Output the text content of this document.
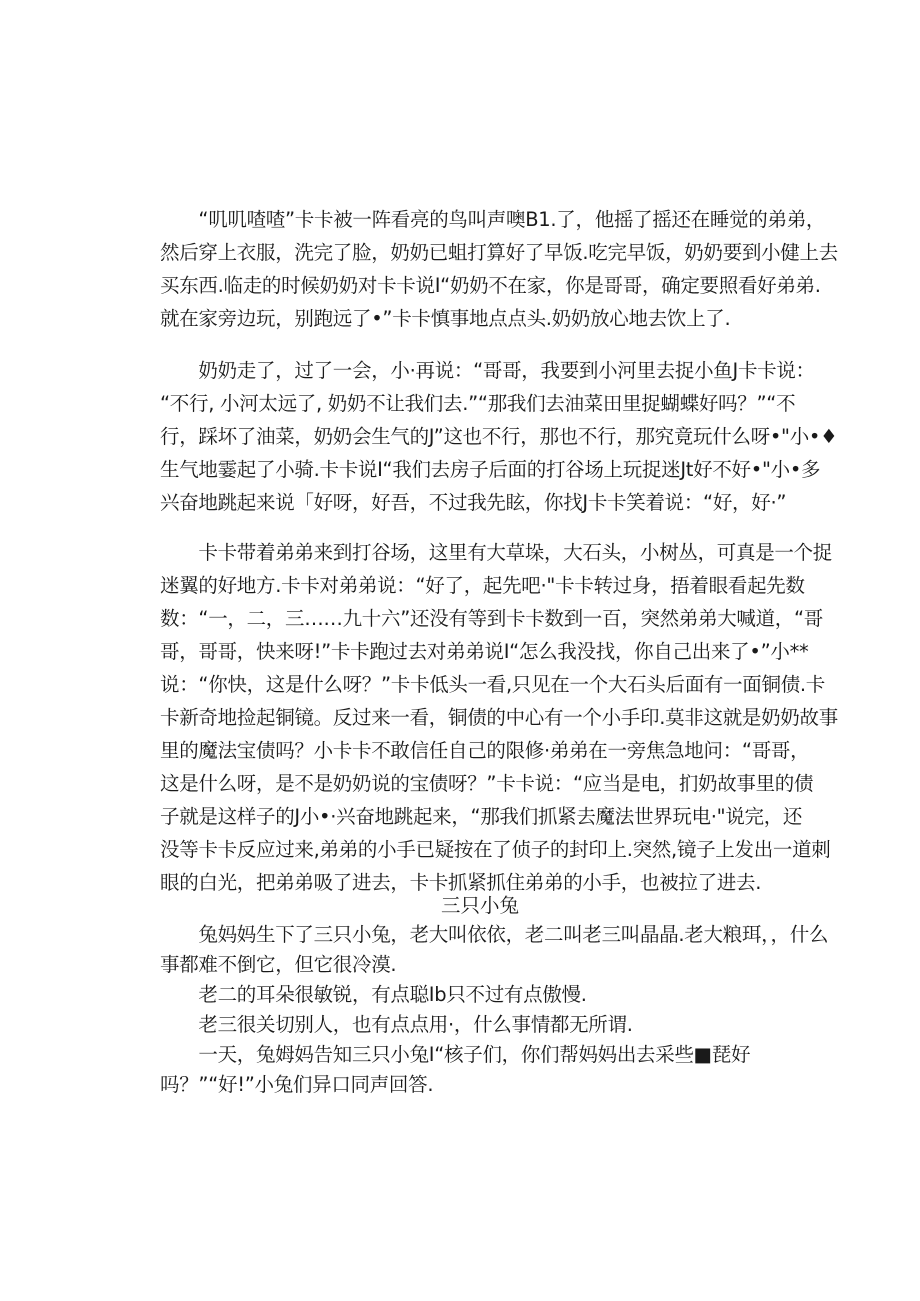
　　“叽叽喳喳”卡卡被一阵看亮的鸟叫声噢B1.了，他摇了摇还在睡觉的弟弟，
然后穿上衣服，洗完了脸，奶奶已蛆打算好了早饭.吃完早饭，奶奶要到小健上去
买东西.临走的时候奶奶对卡卡说I“奶奶不在家，你是哥哥，确定要照看好弟弟.
就在家旁边玩，别跑远了•”卡卡慎事地点点头.奶奶放心地去饮上了.
　　奶奶走了，过了一会，小·再说：“哥哥，我要到小河里去捉小鱼J卡卡说：
“不行, 小河太远了, 奶奶不让我们去.”“那我们去油菜田里捉蝴蝶好吗？”“不
行，踩坏了油菜，奶奶会生气的J”这也不行，那也不行，那究竟玩什么呀•"小•♦
生气地霎起了小骑.卡卡说I“我们去房子后面的打谷场上玩捉迷Jt好不好•"小•多
兴奋地跳起来说「好呀，好吾，不过我先眩，你找J卡卡笑着说：“好，好·”
　　卡卡带着弟弟来到打谷场，这里有大草垛，大石头，小树丛，可真是一个捉
迷翼的好地方.卡卡对弟弟说：“好了，起先吧·"卡卡转过身，捂着眼看起先数
数：“一，二，三……九十六”还没有等到卡卡数到一百，突然弟弟大喊道，“哥
哥，哥哥，快来呀!”卡卡跑过去对弟弟说I“怎么我没找，你自己出来了•”小**
说：“你快，这是什么呀？”卡卡低头一看,只见在一个大石头后面有一面铜债.卡
卡新奇地捡起铜镜。反过来一看，铜债的中心有一个小手印.莫非这就是奶奶故事
里的魔法宝债吗？小卡卡不敢信任自己的限修·弟弟在一旁焦急地问：“哥哥，
这是什么呀，是不是奶奶说的宝债呀？”卡卡说：“应当是电，扪奶故事里的债
子就是这样子的J小•·兴奋地跳起来，“那我们抓紧去魔法世界玩电·"说完，还
没等卡卡反应过来,弟弟的小手已疑按在了侦子的封印上.突然,镜子上发出一道刺
眼的白光，把弟弟吸了进去，卡卡抓紧抓住弟弟的小手，也被拉了进去.
三只小兔
　　兔妈妈生下了三只小兔，老大叫依依，老二叫老三叫晶晶.老大粮珥，，什么
事都难不倒它，但它很冷漠.
　　老二的耳朵很敏锐，有点聪Ib只不过有点傲慢.
　　老三很关切别人，也有点点用·，什么事情都无所谓.
　　一天，兔姆妈告知三只小兔I“核子们，你们帮妈妈出去采些■琵好
吗？”“好!”小兔们异口同声回答.
